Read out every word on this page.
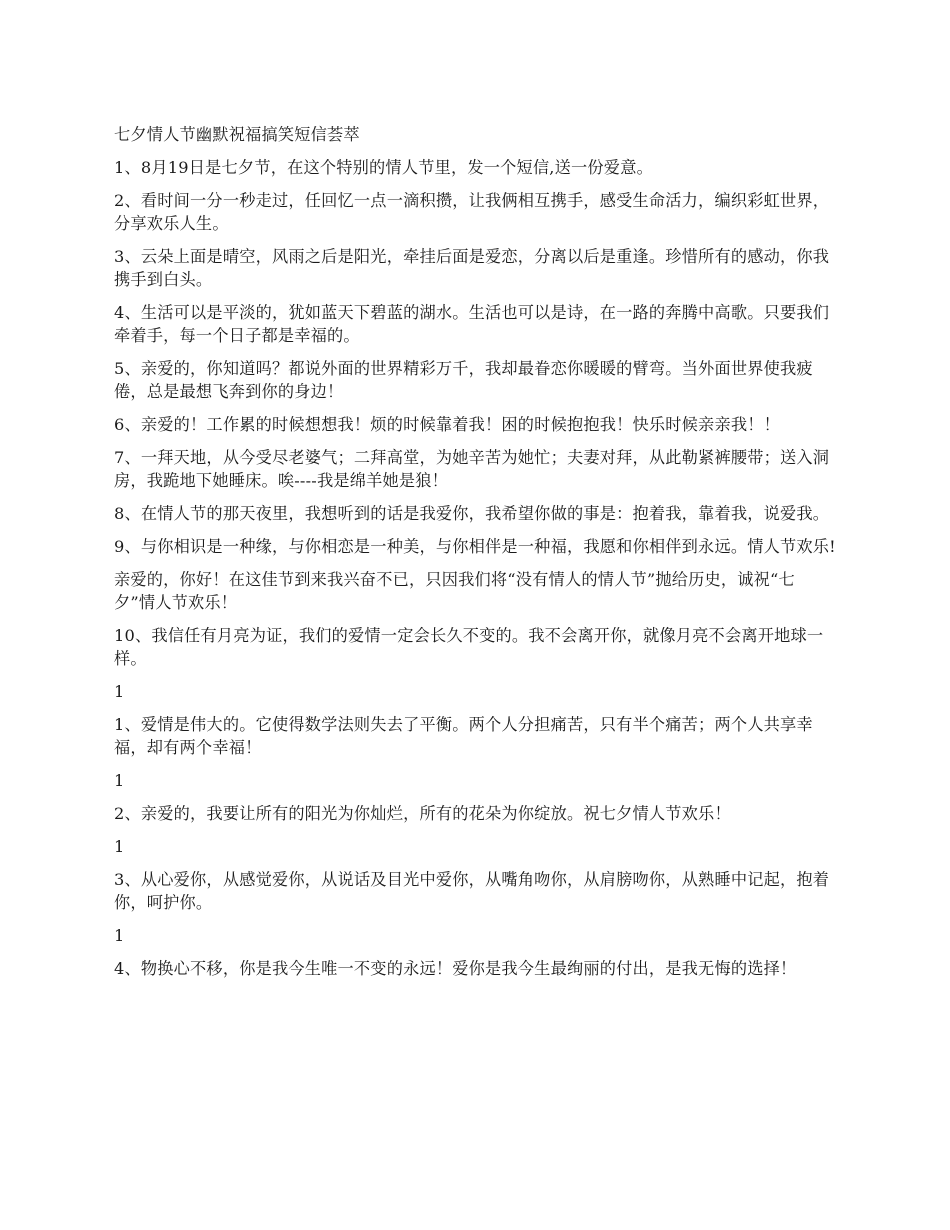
七夕情人节幽默祝福搞笑短信荟萃

1、8月19日是七夕节，在这个特别的情人节里，发一个短信,送一份爱意。

2、看时间一分一秒走过，任回忆一点一滴积攒，让我俩相互携手，感受生命活力，编织彩虹世界，分享欢乐人生。

3、云朵上面是晴空，风雨之后是阳光，牵挂后面是爱恋，分离以后是重逢。珍惜所有的感动，你我携手到白头。

4、生活可以是平淡的，犹如蓝天下碧蓝的湖水。生活也可以是诗，在一路的奔腾中高歌。只要我们牵着手，每一个日子都是幸福的。

5、亲爱的，你知道吗？都说外面的世界精彩万千，我却最眷恋你暖暖的臂弯。当外面世界使我疲倦，总是最想飞奔到你的身边！

6、亲爱的！工作累的时候想想我！烦的时候靠着我！困的时候抱抱我！快乐时候亲亲我！！

7、一拜天地，从今受尽老婆气；二拜高堂，为她辛苦为她忙；夫妻对拜，从此勒紧裤腰带；送入洞房，我跪地下她睡床。唉----我是绵羊她是狼！

8、在情人节的那天夜里，我想听到的话是我爱你，我希望你做的事是：抱着我，靠着我，说爱我。

9、与你相识是一种缘，与你相恋是一种美，与你相伴是一种福，我愿和你相伴到永远。情人节欢乐!

亲爱的，你好！在这佳节到来我兴奋不已，只因我们将“没有情人的情人节”抛给历史，诚祝“七夕”情人节欢乐！

10、我信任有月亮为证，我们的爱情一定会长久不变的。我不会离开你，就像月亮不会离开地球一样。

1

1、爱情是伟大的。它使得数学法则失去了平衡。两个人分担痛苦，只有半个痛苦；两个人共享幸福，却有两个幸福！

1

2、亲爱的，我要让所有的阳光为你灿烂，所有的花朵为你绽放。祝七夕情人节欢乐！

1

3、从心爱你，从感觉爱你，从说话及目光中爱你，从嘴角吻你，从肩膀吻你，从熟睡中记起，抱着你，呵护你。

1

4、物换心不移，你是我今生唯一不变的永远！爱你是我今生最绚丽的付出，是我无悔的选择！
